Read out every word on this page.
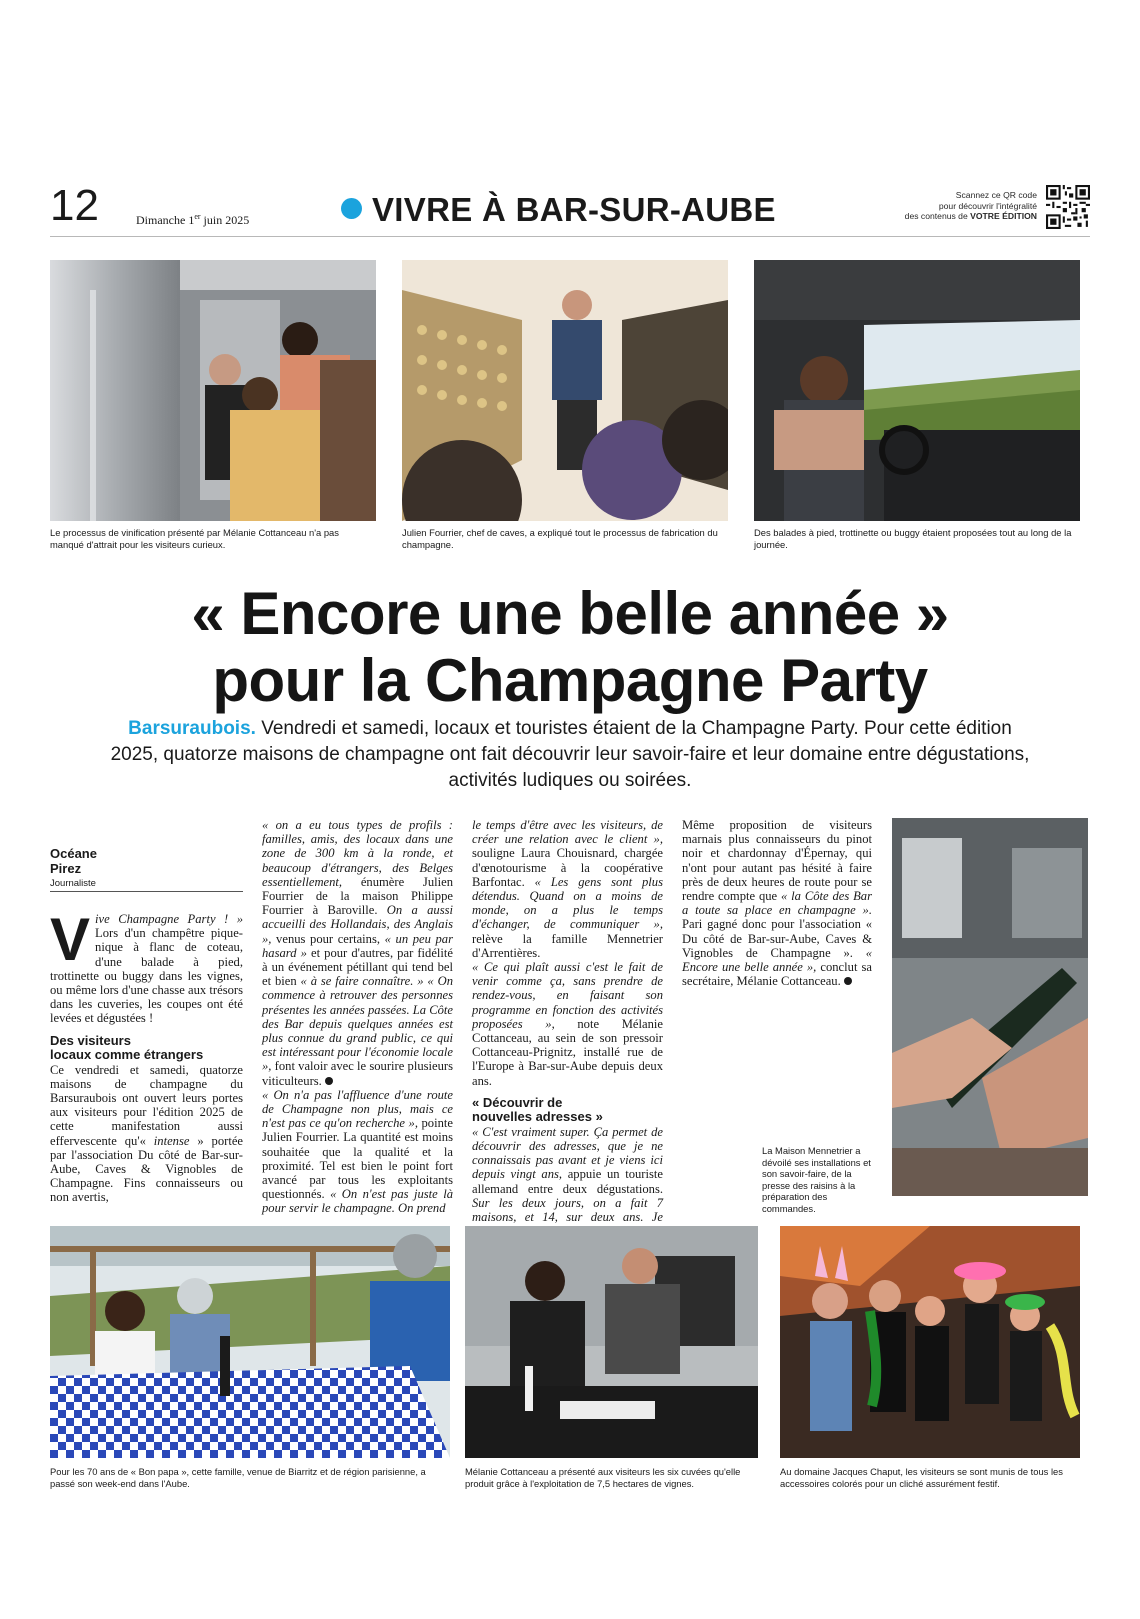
12	Dimanche 1er juin 2025	VIVRE À BAR-SUR-AUBE	Scannez ce QR code
pour découvrir l'intégralité
des contenus de VOTRE ÉDITION
Le processus de vinification présenté par Mélanie Cottanceau n'a pas manqué d'attrait pour les visiteurs curieux.
Julien Fourrier, chef de caves, a expliqué tout le processus de fabrication du champagne.
Des balades à pied, trottinette ou buggy étaient proposées tout au long de la journée.
« Encore une belle année »
pour la Champagne Party
Barsuraubois. Vendredi et samedi, locaux et touristes étaient de la Champagne Party. Pour cette édition 2025, quatorze maisons de champagne ont fait découvrir leur savoir-faire et leur domaine entre dégustations, activités ludiques ou soirées.
Océane
Pirez
Journaliste

Vive Champagne Party ! » Lors d'un champêtre pique-nique à flanc de coteau, d'une balade à pied, trottinette ou buggy dans les vignes, ou même lors d'une chasse aux trésors dans les cuveries, les coupes ont été levées et dégustées !

Des visiteurs
locaux comme étrangers

Ce vendredi et samedi, quatorze maisons de champagne du Barsuraubois ont ouvert leurs portes aux visiteurs pour l'édition 2025 de cette manifestation aussi effervescente qu'« intense » portée par l'association Du côté de Bar-sur-Aube, Caves & Vignobles de Champagne. Fins connaisseurs ou non avertis,

« on a eu tous types de profils : familles, amis, des locaux dans une zone de 300 km à la ronde, et beaucoup d'étrangers, des Belges essentiellement, énumère Julien Fourrier de la maison Philippe Fourrier à Baroville. On a aussi accueilli des Hollandais, des Anglais », venus pour certains, « un peu par hasard » et pour d'autres, par fidélité à un événement pétillant qui tend bel et bien « à se faire connaître. » « On commence à retrouver des personnes présentes les années passées. La Côte des Bar depuis quelques années est plus connue du grand public, ce qui est intéressant pour l'économie locale », font valoir avec le sourire plusieurs viticulteurs.

« On n'a pas l'affluence d'une route de Champagne non plus, mais ce n'est pas ce qu'on recherche », pointe Julien Fourrier. La quantité est moins souhaitée que la qualité et la proximité. Tel est bien le point fort avancé par tous les exploitants questionnés. « On n'est pas juste là pour servir le champagne. On prend

le temps d'être avec les visiteurs, de créer une relation avec le client », souligne Laura Chouisnard, chargée d'œnotourisme à la coopérative Barfontac. « Les gens sont plus détendus. Quand on a moins de monde, on a plus le temps d'échanger, de communiquer », relève la famille Mennetrier d'Arrentières.

« Ce qui plaît aussi c'est le fait de venir comme ça, sans prendre de rendez-vous, en faisant son programme en fonction des activités proposées », note Mélanie Cottanceau, au sein de son pressoir Cottanceau-Prignitz, installé rue de l'Europe à Bar-sur-Aube depuis deux ans.

« Découvrir de
nouvelles adresses »

« C'est vraiment super. Ça permet de découvrir des adresses, que je ne connaissais pas avant et je viens ici depuis vingt ans, appuie un touriste allemand entre deux dégustations. Sur les deux jours, on a fait 7 maisons, et 14, sur deux ans. Je

Même proposition de visiteurs marnais plus connaisseurs du pinot noir et chardonnay d'Épernay, qui n'ont pour autant pas hésité à faire près de deux heures de route pour se rendre compte que « la Côte des Bar a toute sa place en champagne ». Pari gagné donc pour l'association « Du côté de Bar-sur-Aube, Caves & Vignobles de Champagne ». « Encore une belle année », conclut sa secrétaire, Mélanie Cottanceau.

La Maison Mennetrier a dévoilé ses installations et son savoir-faire, de la presse des raisins à la préparation des commandes.
Pour les 70 ans de « Bon papa », cette famille, venue de Biarritz et de région parisienne, a passé son week-end dans l'Aube.
Mélanie Cottanceau a présenté aux visiteurs les six cuvées qu'elle produit grâce à l'exploitation de 7,5 hectares de vignes.
Au domaine Jacques Chaput, les visiteurs se sont munis de tous les accessoires colorés pour un cliché assurément festif.
